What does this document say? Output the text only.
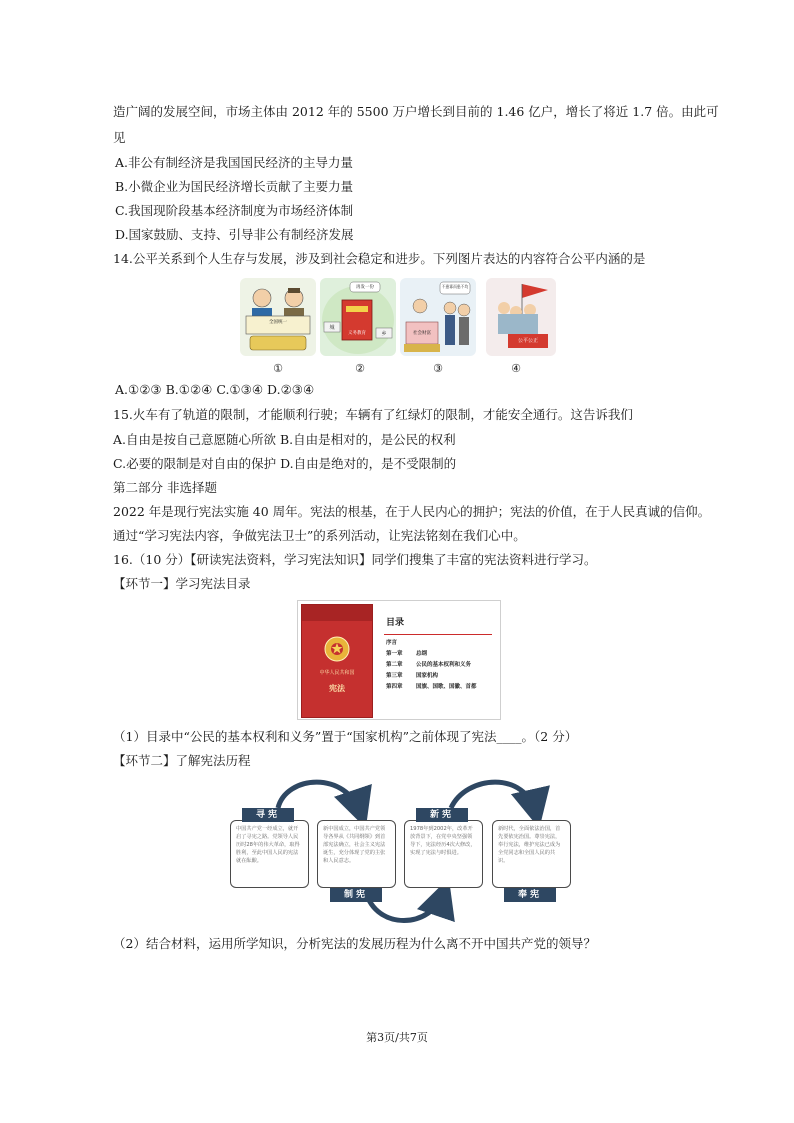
造广阔的发展空间，市场主体由 2012 年的 5500 万户增长到目前的 1.46 亿户，增长了将近 1.7 倍。由此可
见
A.非公有制经济是我国国民经济的主导力量
B.小微企业为国民经济增长贡献了主要力量
C.我国现阶段基本经济制度为市场经济体制
D.国家鼓励、支持、引导非公有制经济发展
14.公平关系到个人生存与发展，涉及到社会稳定和进步。下列图片表达的内容符合公平内涵的是
全国统一
再发一份
义务教育
城
乡
不患寡而患不均
社会财富
公平公正
①	②	③	④
A.①②③ B.①②④ C.①③④ D.②③④
15.火车有了轨道的限制，才能顺利行驶；车辆有了红绿灯的限制，才能安全通行。这告诉我们
A.自由是按自己意愿随心所欲 B.自由是相对的，是公民的权利
C.必要的限制是对自由的保护 D.自由是绝对的，是不受限制的
第二部分 非选择题
2022 年是现行宪法实施 40 周年。宪法的根基，在于人民内心的拥护；宪法的价值，在于人民真诚的信仰。
通过“学习宪法内容，争做宪法卫士”的系列活动，让宪法铭刻在我们心中。
16.（10 分）【研读宪法资料，学习宪法知识】同学们搜集了丰富的宪法资料进行学习。
【环节一】学习宪法目录
中华人民共和国
宪法
目录
序言
第一章 总纲
第二章 公民的基本权利和义务
第三章 国家机构
第四章 国旗、国歌、国徽、首都
（1）目录中“公民的基本权利和义务”置于“国家机构”之前体现了宪法____。（2 分）
【环节二】了解宪法历程
中国共产党一经成立，就开启了寻宪之路。党领导人民历时28年的伟大革命，取得胜利，至此中国人民的宪法就在酝酿。
新中国成立，中国共产党领导各界从《共同纲领》到首部宪法确立，社会主义宪法诞生，充分体现了党的主张和人民意志。
1978年到2002年，改革开放背景下，在党中央坚强领导下，宪法经历4次大修改，实现了宪法与时俱进。
新时代，全面依法治国，首先要依宪治国。尊崇宪法，奉行宪法，维护宪法已成为全党同志和全国人民的共识。
寻宪
制宪
新宪
奉宪
（2）结合材料，运用所学知识，分析宪法的发展历程为什么离不开中国共产党的领导？
第3页/共7页
